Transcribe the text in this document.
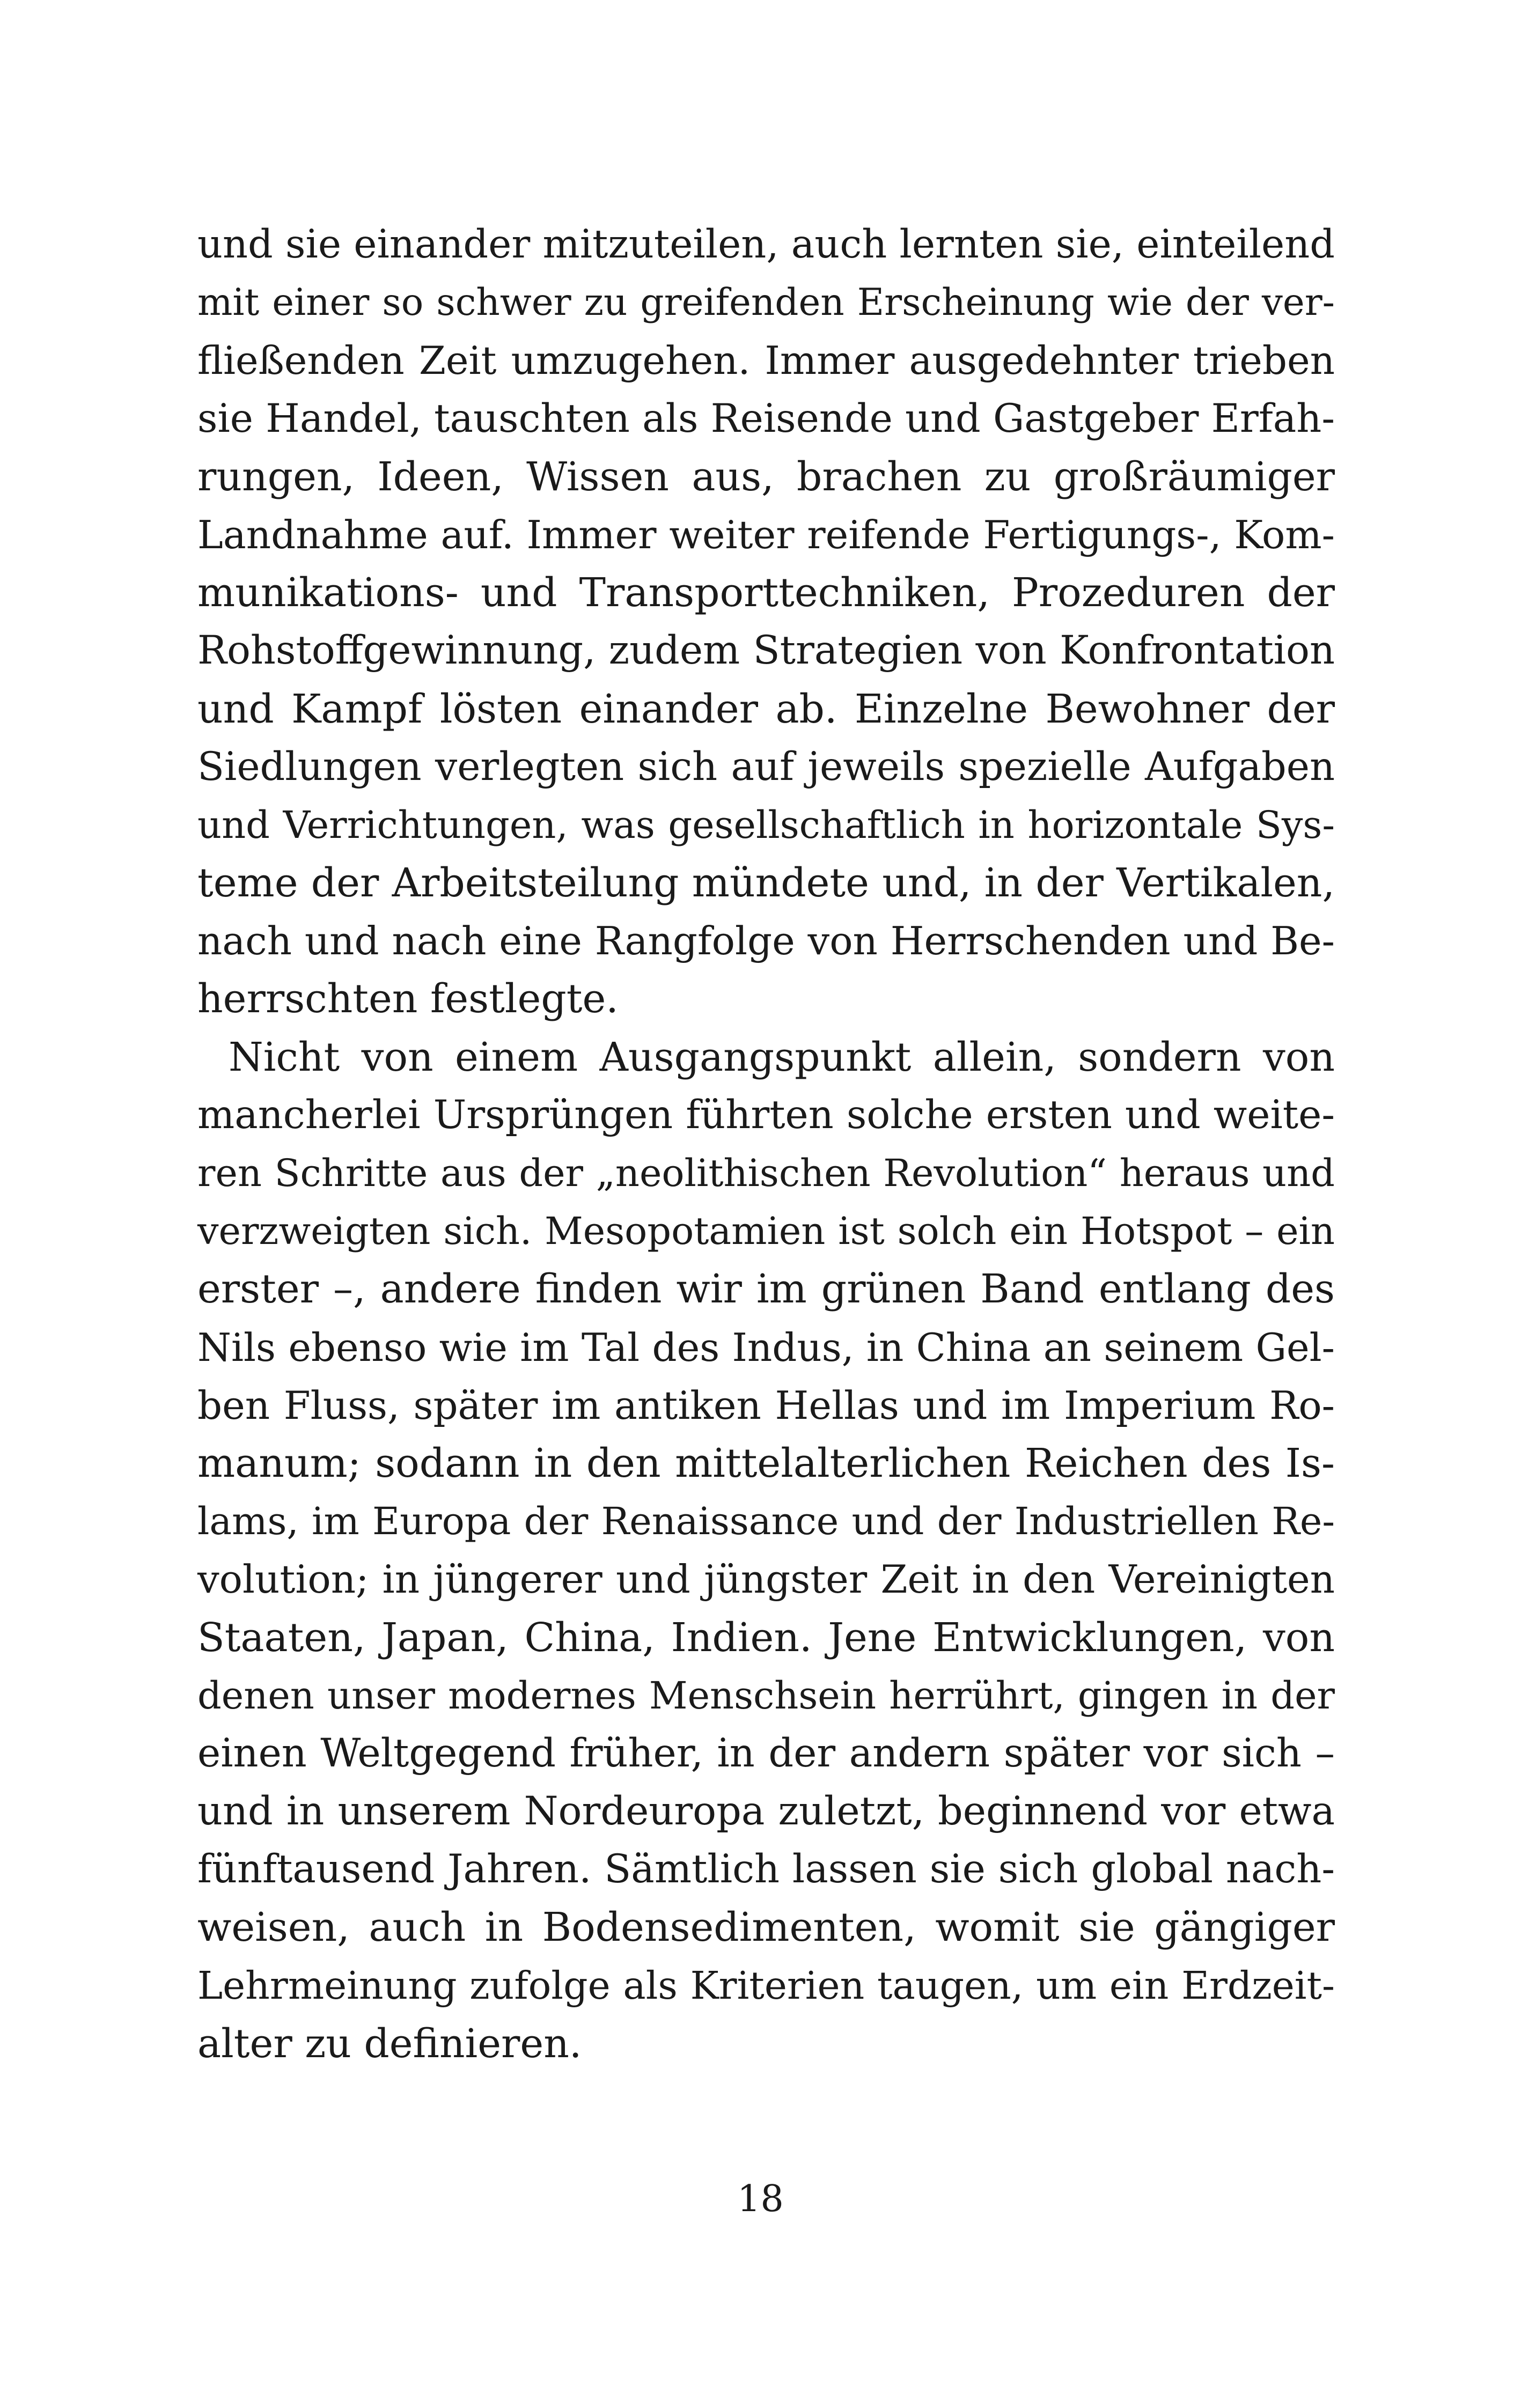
und sie einander mitzuteilen, auch lernten sie, einteilend
mit einer so schwer zu greifenden Erscheinung wie der ver-
fließenden Zeit umzugehen. Immer ausgedehnter trieben
sie Handel, tauschten als Reisende und Gastgeber Erfah-
rungen, Ideen, Wissen aus, brachen zu großräumiger
Landnahme auf. Immer weiter reifende Fertigungs-, Kom-
munikations- und Transporttechniken, Prozeduren der
Rohstoffgewinnung, zudem Strategien von Konfrontation
und Kampf lösten einander ab. Einzelne Bewohner der
Siedlungen verlegten sich auf jeweils spezielle Aufgaben
und Verrichtungen, was gesellschaftlich in horizontale Sys-
teme der Arbeitsteilung mündete und, in der Vertikalen,
nach und nach eine Rangfolge von Herrschenden und Be-
herrschten festlegte.
Nicht von einem Ausgangspunkt allein, sondern von
mancherlei Ursprüngen führten solche ersten und weite-
ren Schritte aus der „neolithischen Revolution“ heraus und
verzweigten sich. Mesopotamien ist solch ein Hotspot – ein
erster –, andere finden wir im grünen Band entlang des
Nils ebenso wie im Tal des Indus, in China an seinem Gel-
ben Fluss, später im antiken Hellas und im Imperium Ro-
manum; sodann in den mittelalterlichen Reichen des Is-
lams, im Europa der Renaissance und der Industriellen Re-
volution; in jüngerer und jüngster Zeit in den Vereinigten
Staaten, Japan, China, Indien. Jene Entwicklungen, von
denen unser modernes Menschsein herrührt, gingen in der
einen Weltgegend früher, in der andern später vor sich –
und in unserem Nordeuropa zuletzt, beginnend vor etwa
fünftausend Jahren. Sämtlich lassen sie sich global nach-
weisen, auch in Bodensedimenten, womit sie gängiger
Lehrmeinung zufolge als Kriterien taugen, um ein Erdzeit-
alter zu definieren.
18
